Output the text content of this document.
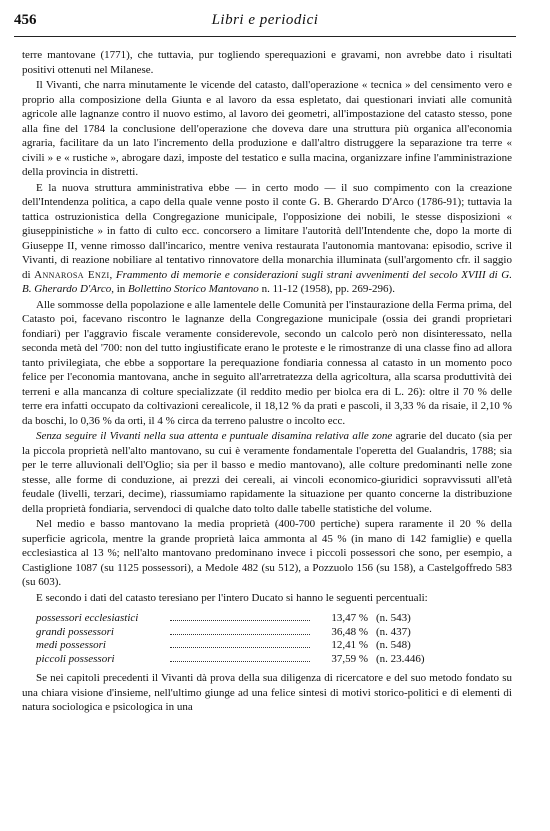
456	Libri e periodici

terre mantovane (1771), che tuttavia, pur togliendo sperequazioni e gravami, non avrebbe dato i risultati positivi ottenuti nel Milanese.

Il Vivanti, che narra minutamente le vicende del catasto, dall'operazione « tecnica » del censimento vero e proprio alla composizione della Giunta e al lavoro da essa espletato, dai questionari inviati alle comunità agricole alle lagnanze contro il nuovo estimo, al lavoro dei geometri, all'impostazione del catasto stesso, pone alla fine del 1784 la conclusione dell'operazione che doveva dare una struttura più organica all'economia agraria, facilitare da un lato l'incremento della produzione e dall'altro distruggere la separazione tra terre « civili » e « rustiche », abrogare dazi, imposte del testatico e sulla macina, organizzare infine l'amministrazione della provincia in distretti.

E la nuova struttura amministrativa ebbe — in certo modo — il suo compimento con la creazione dell'Intendenza politica, a capo della quale venne posto il conte G. B. Gherardo D'Arco (1786-91); tuttavia la tattica ostruzionistica della Congregazione municipale, l'opposizione dei nobili, le stesse disposizioni « giuseppinistiche » in fatto di culto ecc. concorsero a limitare l'autorità dell'Intendente che, dopo la morte di Giuseppe II, venne rimosso dall'incarico, mentre veniva restaurata l'autonomia mantovana: episodio, scrive il Vivanti, di reazione nobiliare al tentativo rinnovatore della monarchia illuminata (sull'argomento cfr. il saggio di Annarosa Enzi, Frammento di memorie e considerazioni sugli strani avvenimenti del secolo XVIII di G. B. Gherardo D'Arco, in Bollettino Storico Mantovano n. 11-12 (1958), pp. 269-296).

Alle sommosse della popolazione e alle lamentele delle Comunità per l'instaurazione della Ferma prima, del Catasto poi, facevano riscontro le lagnanze della Congregazione municipale (ossia dei grandi proprietari fondiari) per l'aggravio fiscale veramente considerevole, secondo un calcolo però non disinteressato, nella seconda metà del '700: non del tutto ingiustificate erano le proteste e le rimostranze di una classe fino ad allora tanto privilegiata, che ebbe a sopportare la perequazione fondiaria connessa al catasto in un momento poco felice per l'economia mantovana, anche in seguito all'arretratezza della agricoltura, alla scarsa produttività dei terreni e alla mancanza di colture specializzate (il reddito medio per biolca era di L. 26): oltre il 70 % delle terre era infatti occupato da coltivazioni cerealicole, il 18,12 % da prati e pascoli, il 3,33 % da risaie, il 2,10 % da boschi, lo 0,36 % da orti, il 4 % circa da terreno palustre o incolto ecc.

Senza seguire il Vivanti nella sua attenta e puntuale disamina relativa alle zone agrarie del ducato (sia per la piccola proprietà nell'alto mantovano, su cui è veramente fondamentale l'operetta del Gualandris, 1788; sia per le terre alluvionali dell'Oglio; sia per il basso e medio mantovano), alle colture predominanti nelle zone stesse, alle forme di conduzione, ai prezzi dei cereali, ai vincoli economico-giuridici sopravvissuti all'età feudale (livelli, terzari, decime), riassumiamo rapidamente la situazione per quanto concerne la distribuzione della proprietà fondiaria, servendoci di qualche dato tolto dalle tabelle statistiche del volume.

Nel medio e basso mantovano la media proprietà (400-700 pertiche) supera raramente il 20 % della superficie agricola, mentre la grande proprietà laica ammonta al 45 % (in mano di 142 famiglie) e quella ecclesiastica al 13 %; nell'alto mantovano predominano invece i piccoli possessori che sono, per esempio, a Castiglione 1087 (su 1125 possessori), a Medole 482 (su 512), a Pozzuolo 156 (su 158), a Castelgoffredo 583 (su 603).

E secondo i dati del catasto teresiano per l'intero Ducato si hanno le seguenti percentuali:

possessori ecclesiastici	13,47 % (n. 543)
grandi possessori	36,48 % (n. 437)
medi possessori	12,41 % (n. 548)
piccoli possessori	37,59 % (n. 23.446)

Se nei capitoli precedenti il Vivanti dà prova della sua diligenza di ricercatore e del suo metodo fondato su una chiara visione d'insieme, nell'ultimo giunge ad una felice sintesi di motivi storico-politici e di elementi di natura sociologica e psicologica in una
